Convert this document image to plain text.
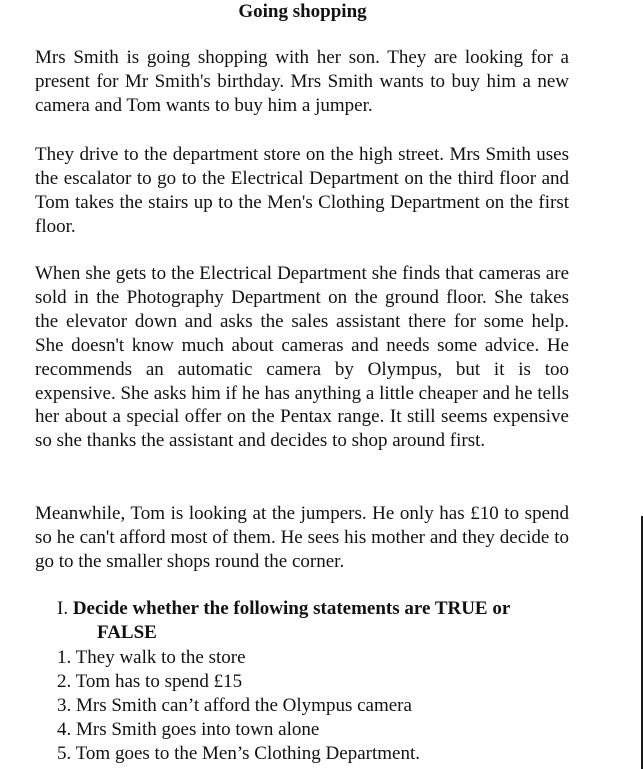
Going shopping

Mrs Smith is going shopping with her son. They are looking for a present for Mr Smith's birthday. Mrs Smith wants to buy him a new camera and Tom wants to buy him a jumper.

They drive to the department store on the high street. Mrs Smith uses the escalator to go to the Electrical Department on the third floor and Tom takes the stairs up to the Men's Clothing Department on the first floor.

When she gets to the Electrical Department she finds that cameras are sold in the Photography Department on the ground floor. She takes the elevator down and asks the sales assistant there for some help. She doesn't know much about cameras and needs some advice. He recommends an automatic camera by Olympus, but it is too expensive. She asks him if he has anything a little cheaper and he tells her about a special offer on the Pentax range. It still seems expensive so she thanks the assistant and decides to shop around first.

Meanwhile, Tom is looking at the jumpers. He only has £10 to spend so he can't afford most of them. He sees his mother and they decide to go to the smaller shops round the corner.

I. Decide whether the following statements are TRUE or
FALSE
1. They walk to the store
2. Tom has to spend £15
3. Mrs Smith can’t afford the Olympus camera
4. Mrs Smith goes into town alone
5. Tom goes to the Men’s Clothing Department.
